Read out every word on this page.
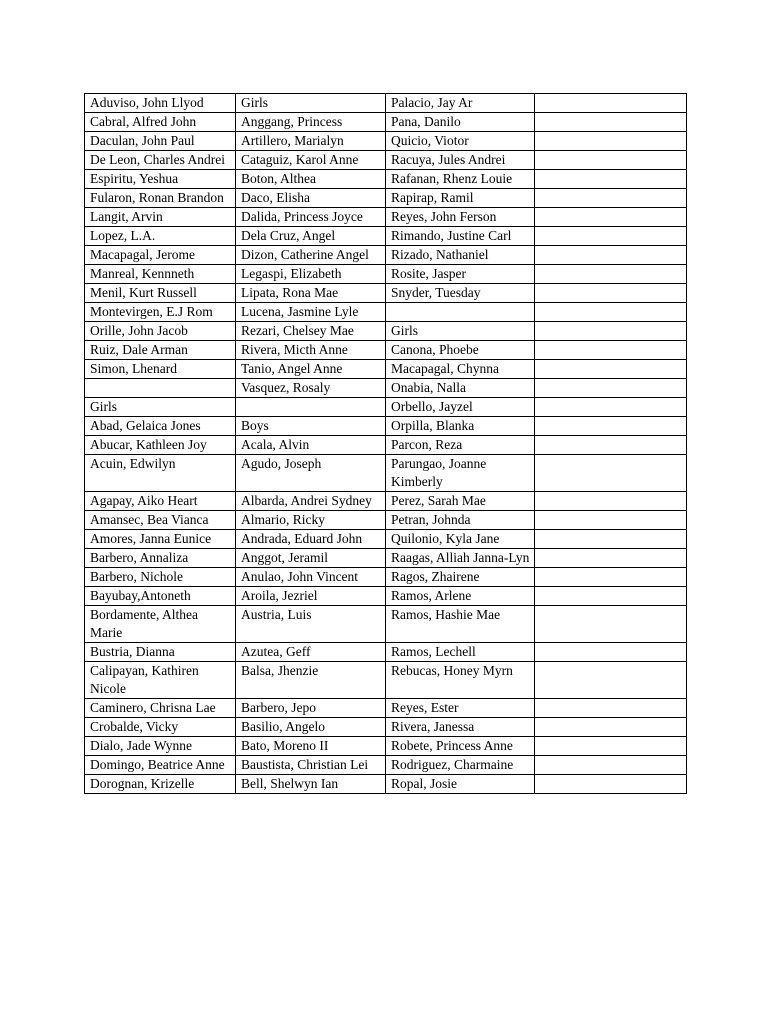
Aduviso, John Llyod	Girls	Palacio, Jay Ar	
Cabral, Alfred John	Anggang, Princess	Pana, Danilo	
Daculan, John Paul	Artillero, Marialyn	Quicio, Viotor	
De Leon, Charles Andrei	Cataguiz, Karol Anne	Racuya, Jules Andrei	
Espiritu, Yeshua	Boton, Althea	Rafanan, Rhenz Louie	
Fularon, Ronan Brandon	Daco, Elisha	Rapirap, Ramil	
Langit, Arvin	Dalida, Princess Joyce	Reyes, John Ferson	
Lopez, L.A.	Dela Cruz, Angel	Rimando, Justine Carl	
Macapagal, Jerome	Dizon, Catherine Angel	Rizado, Nathaniel	
Manreal, Kennneth	Legaspi, Elizabeth	Rosite, Jasper	
Menil, Kurt Russell	Lipata, Rona Mae	Snyder, Tuesday	
Montevirgen, E.J Rom	Lucena, Jasmine Lyle		
Orille, John Jacob	Rezari, Chelsey Mae	Girls	
Ruiz, Dale Arman	Rivera, Micth Anne	Canona, Phoebe	
Simon, Lhenard	Tanio, Angel Anne	Macapagal, Chynna	
	Vasquez, Rosaly	Onabia, Nalla	
Girls		Orbello, Jayzel	
Abad, Gelaica Jones	Boys	Orpilla, Blanka	
Abucar, Kathleen Joy	Acala, Alvin	Parcon, Reza	
Acuin, Edwilyn	Agudo, Joseph	Parungao, Joanne Kimberly	
Agapay, Aiko Heart	Albarda, Andrei Sydney	Perez, Sarah Mae	
Amansec, Bea Vianca	Almario, Ricky	Petran, Johnda	
Amores, Janna Eunice	Andrada, Eduard John	Quilonio, Kyla Jane	
Barbero, Annaliza	Anggot, Jeramil	Raagas, Alliah Janna-Lyn	
Barbero, Nichole	Anulao, John Vincent	Ragos, Zhairene	
Bayubay,Antoneth	Aroila, Jezriel	Ramos, Arlene	
Bordamente, Althea Marie	Austria, Luis	Ramos, Hashie Mae	
Bustria, Dianna	Azutea, Geff	Ramos, Lechell	
Calipayan, Kathiren Nicole	Balsa, Jhenzie	Rebucas, Honey Myrn	
Caminero, Chrisna Lae	Barbero, Jepo	Reyes, Ester	
Crobalde, Vicky	Basilio, Angelo	Rivera, Janessa	
Dialo, Jade Wynne	Bato, Moreno II	Robete, Princess Anne	
Domingo, Beatrice Anne	Baustista, Christian Lei	Rodriguez, Charmaine	
Dorognan, Krizelle	Bell, Shelwyn Ian	Ropal, Josie	
